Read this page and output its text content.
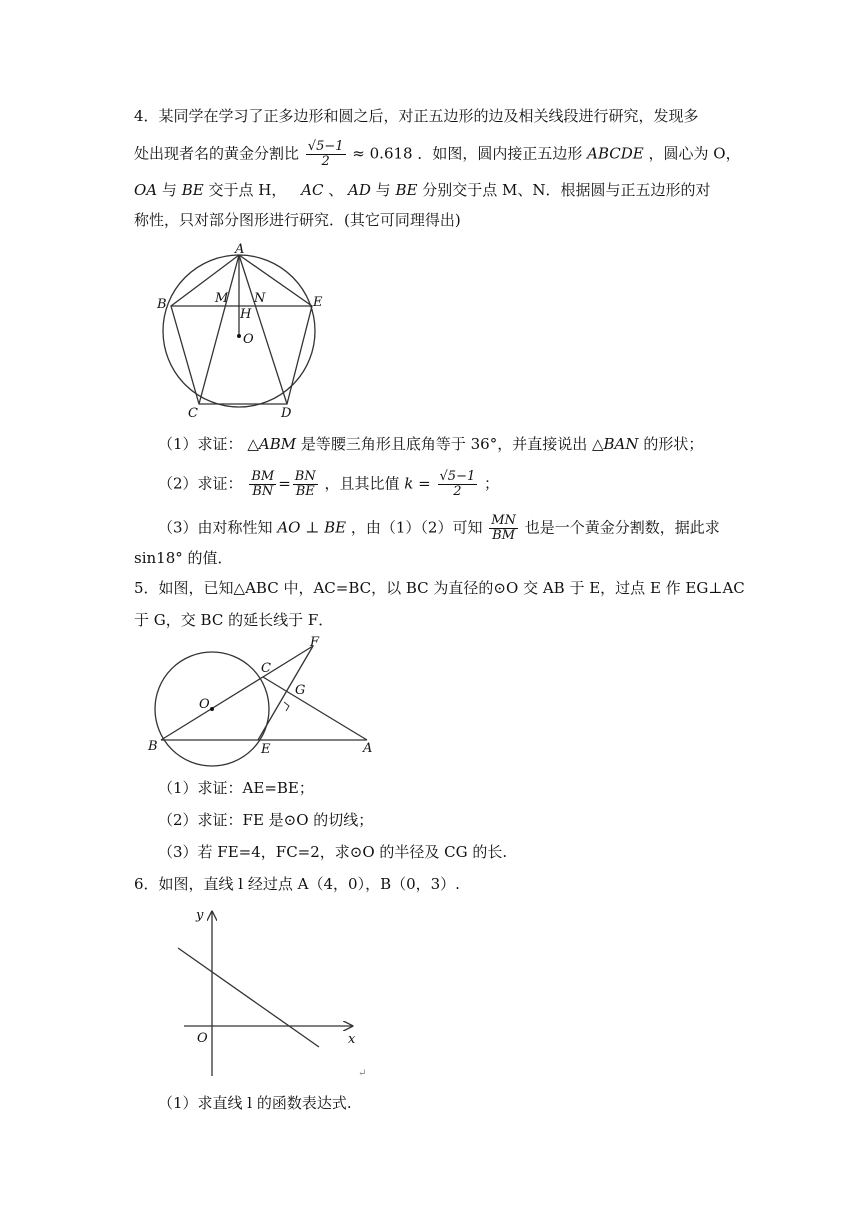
4．某同学在学习了正多边形和圆之后，对正五边形的边及相关线段进行研究，发现多
处出现者名的黄金分割比 $\frac{√5-1}{2} \approx 0.618$ ．如图，圆内接正五边形 ABCDE ，圆心为 O，
OA 与 BE 交于点 H， AC 、 AD 与 BE 分别交于点 M、N．根据圆与正五边形的对
称性，只对部分图形进行研究．(其它可同理得出)
A
B
C	D
E
M N
H
O
（1）求证： △ABM 是等腰三角形且底角等于 36°，并直接说出 △BAN 的形状；
（2）求证： $\frac{BM}{BN} = \frac{BN}{BE}$ ，且其比值 $k = \frac{√5-1}{2}$ ；
（3）由对称性知 AO ⊥ BE ，由（1）（2）可知 $\frac{MN}{BM}$ 也是一个黄金分割数，据此求
sin18° 的值．
5．如图，已知△ABC 中，AC=BC，以 BC 为直径的⊙O 交 AB 于 E，过点 E 作 EG⊥AC
于 G，交 BC 的延长线于 F．
F
C
G
O
B	E	A
（1）求证：AE=BE；
（2）求证：FE 是⊙O 的切线；
（3）若 FE=4，FC=2，求⊙O 的半径及 CG 的长.
6．如图，直线 l 经过点 A（4，0），B（0，3）.
y
x
O
↵
（1）求直线 l 的函数表达式.
